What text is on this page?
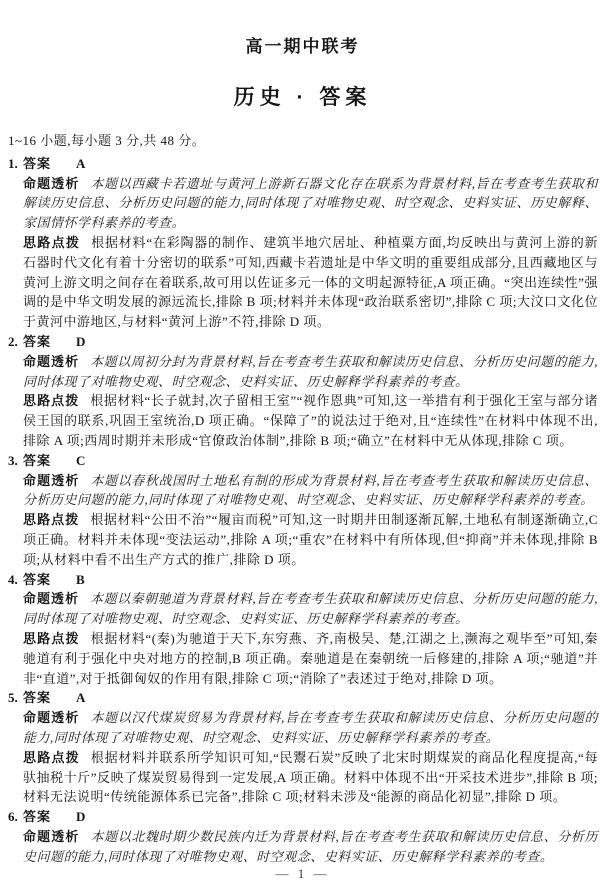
高一期中联考
历史 · 答案
1~16 小题,每小题 3 分,共 48 分。

1. 答案 A

命题透析 本题以西藏卡若遗址与黄河上游新石器文化存在联系为背景材料,旨在考查考生获取和解读历史信息、分析历史问题的能力,同时体现了对唯物史观、时空观念、史料实证、历史解释、家国情怀学科素养的考查。

思路点拨 根据材料“在彩陶器的制作、建筑半地穴居址、种植粟方面,均反映出与黄河上游的新石器时代文化有着十分密切的联系”可知,西藏卡若遗址是中华文明的重要组成部分,且西藏地区与黄河上游文明之间存在着联系,故可用以佐证多元一体的文明起源特征,A 项正确。“突出连续性”强调的是中华文明发展的源远流长,排除 B 项;材料并未体现“政治联系密切”,排除 C 项;大汶口文化位于黄河中游地区,与材料“黄河上游”不符,排除 D 项。

2. 答案 D

命题透析 本题以周初分封为背景材料,旨在考查考生获取和解读历史信息、分析历史问题的能力,同时体现了对唯物史观、时空观念、史料实证、历史解释学科素养的考查。

思路点拨 根据材料“长子就封,次子留相王室”“视作恩典”可知,这一举措有利于强化王室与部分诸侯王国的联系,巩固王室统治,D 项正确。“保障了”的说法过于绝对,且“连续性”在材料中体现不出,排除 A 项;西周时期并未形成“官僚政治体制”,排除 B 项;“确立”在材料中无从体现,排除 C 项。

3. 答案 C

命题透析 本题以春秋战国时土地私有制的形成为背景材料,旨在考查考生获取和解读历史信息、分析历史问题的能力,同时体现了对唯物史观、时空观念、史料实证、历史解释学科素养的考查。

思路点拨 根据材料“公田不治”“履亩而税”可知,这一时期井田制逐渐瓦解,土地私有制逐渐确立,C 项正确。材料并未体现“变法运动”,排除 A 项;“重农”在材料中有所体现,但“抑商”并未体现,排除 B 项;从材料中看不出生产方式的推广,排除 D 项。

4. 答案 B

命题透析 本题以秦朝驰道为背景材料,旨在考查考生获取和解读历史信息、分析历史问题的能力,同时体现了对唯物史观、时空观念、史料实证、历史解释学科素养的考查。

思路点拨 根据材料“(秦)为驰道于天下,东穷燕、齐,南极吴、楚,江湖之上,濒海之观毕至”可知,秦驰道有利于强化中央对地方的控制,B 项正确。秦驰道是在秦朝统一后修建的,排除 A 项;“驰道”并非“直道”,对于抵御匈奴的作用有限,排除 C 项;“消除了”表述过于绝对,排除 D 项。

5. 答案 A

命题透析 本题以汉代煤炭贸易为背景材料,旨在考查考生获取和解读历史信息、分析历史问题的能力,同时体现了对唯物史观、时空观念、史料实证、历史解释学科素养的考查。

思路点拨 根据材料并联系所学知识可知,“民鬻石炭”反映了北宋时期煤炭的商品化程度提高,“每驮抽税十斤”反映了煤炭贸易得到一定发展,A 项正确。材料中体现不出“开采技术进步”,排除 B 项;材料无法说明“传统能源体系已完备”,排除 C 项;材料未涉及“能源的商品化初显”,排除 D 项。

6. 答案 D

命题透析 本题以北魏时期少数民族内迁为背景材料,旨在考查考生获取和解读历史信息、分析历史问题的能力,同时体现了对唯物史观、时空观念、史料实证、历史解释学科素养的考查。

— 1 —
